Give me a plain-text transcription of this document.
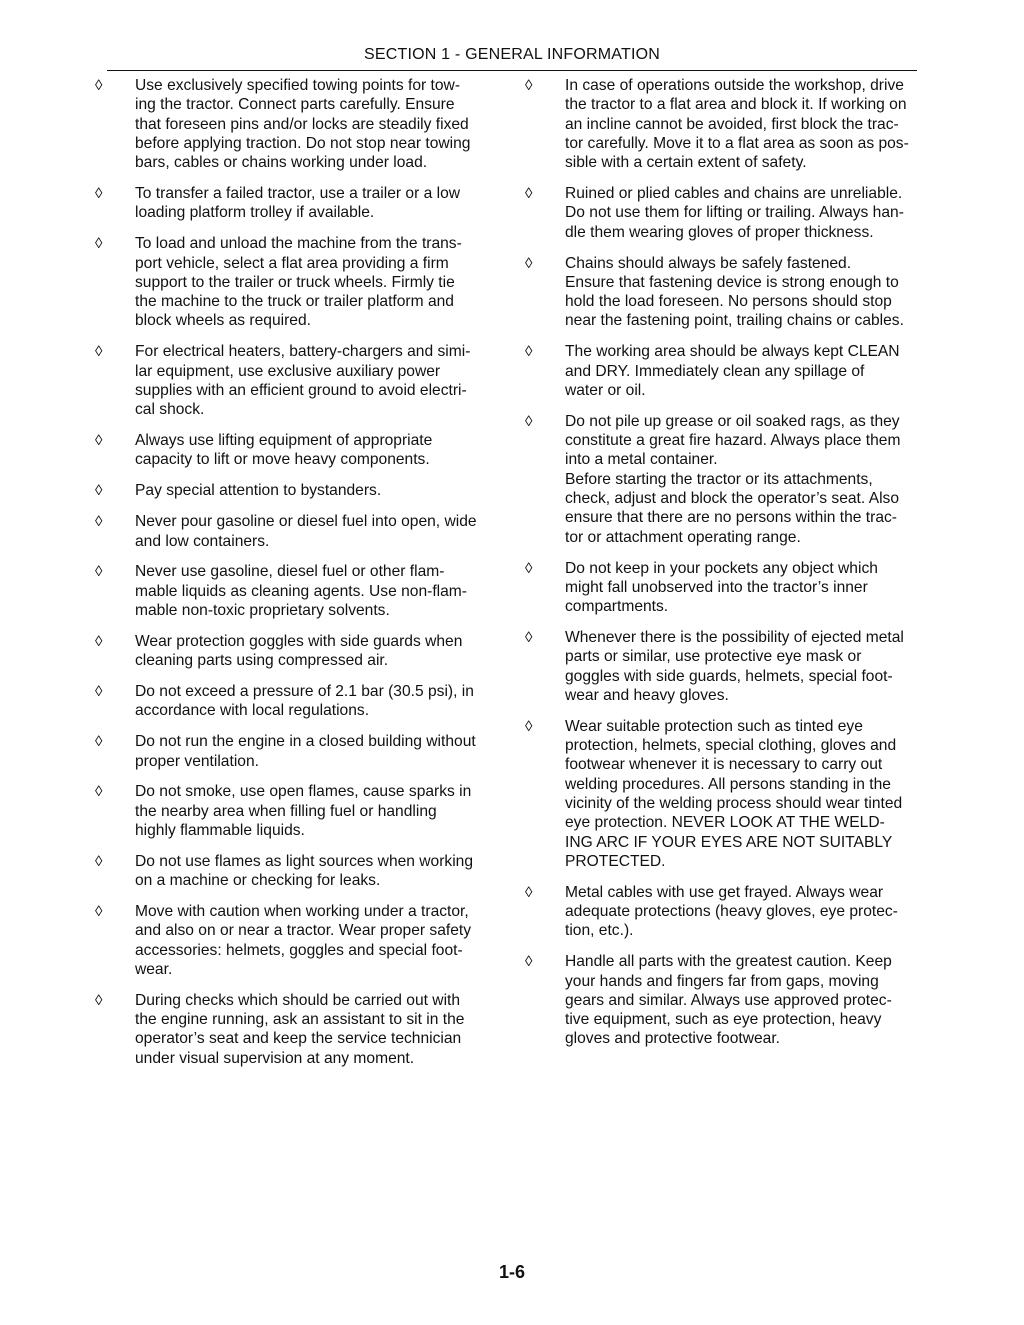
SECTION 1 - GENERAL INFORMATION
◊	Use exclusively specified towing points for tow-
ing the tractor. Connect parts carefully. Ensure
that foreseen pins and/or locks are steadily fixed
before applying traction. Do not stop near towing
bars, cables or chains working under load.
◊	To transfer a failed tractor, use a trailer or a low
loading platform trolley if available.
◊	To load and unload the machine from the trans-
port vehicle, select a flat area providing a firm
support to the trailer or truck wheels. Firmly tie
the machine to the truck or trailer platform and
block wheels as required.
◊	For electrical heaters, battery-chargers and simi-
lar equipment, use exclusive auxiliary power
supplies with an efficient ground to avoid electri-
cal shock.
◊	Always use lifting equipment of appropriate
capacity to lift or move heavy components.
◊	Pay special attention to bystanders.
◊	Never pour gasoline or diesel fuel into open, wide
and low containers.
◊	Never use gasoline, diesel fuel or other flam-
mable liquids as cleaning agents. Use non-flam-
mable non-toxic proprietary solvents.
◊	Wear protection goggles with side guards when
cleaning parts using compressed air.
◊	Do not exceed a pressure of 2.1 bar (30.5 psi), in
accordance with local regulations.
◊	Do not run the engine in a closed building without
proper ventilation.
◊	Do not smoke, use open flames, cause sparks in
the nearby area when filling fuel or handling
highly flammable liquids.
◊	Do not use flames as light sources when working
on a machine or checking for leaks.
◊	Move with caution when working under a tractor,
and also on or near a tractor. Wear proper safety
accessories: helmets, goggles and special foot-
wear.
◊	During checks which should be carried out with
the engine running, ask an assistant to sit in the
operator’s seat and keep the service technician
under visual supervision at any moment.
◊	In case of operations outside the workshop, drive
the tractor to a flat area and block it. If working on
an incline cannot be avoided, first block the trac-
tor carefully. Move it to a flat area as soon as pos-
sible with a certain extent of safety.
◊	Ruined or plied cables and chains are unreliable.
Do not use them for lifting or trailing. Always han-
dle them wearing gloves of proper thickness.
◊	Chains should always be safely fastened.
Ensure that fastening device is strong enough to
hold the load foreseen. No persons should stop
near the fastening point, trailing chains or cables.
◊	The working area should be always kept CLEAN
and DRY. Immediately clean any spillage of
water or oil.
◊	Do not pile up grease or oil soaked rags, as they
constitute a great fire hazard. Always place them
into a metal container.
Before starting the tractor or its attachments,
check, adjust and block the operator’s seat. Also
ensure that there are no persons within the trac-
tor or attachment operating range.
◊	Do not keep in your pockets any object which
might fall unobserved into the tractor’s inner
compartments.
◊	Whenever there is the possibility of ejected metal
parts or similar, use protective eye mask or
goggles with side guards, helmets, special foot-
wear and heavy gloves.
◊	Wear suitable protection such as tinted eye
protection, helmets, special clothing, gloves and
footwear whenever it is necessary to carry out
welding procedures. All persons standing in the
vicinity of the welding process should wear tinted
eye protection. NEVER LOOK AT THE WELD-
ING ARC IF YOUR EYES ARE NOT SUITABLY
PROTECTED.
◊	Metal cables with use get frayed. Always wear
adequate protections (heavy gloves, eye protec-
tion, etc.).
◊	Handle all parts with the greatest caution. Keep
your hands and fingers far from gaps, moving
gears and similar. Always use approved protec-
tive equipment, such as eye protection, heavy
gloves and protective footwear.
1-6
